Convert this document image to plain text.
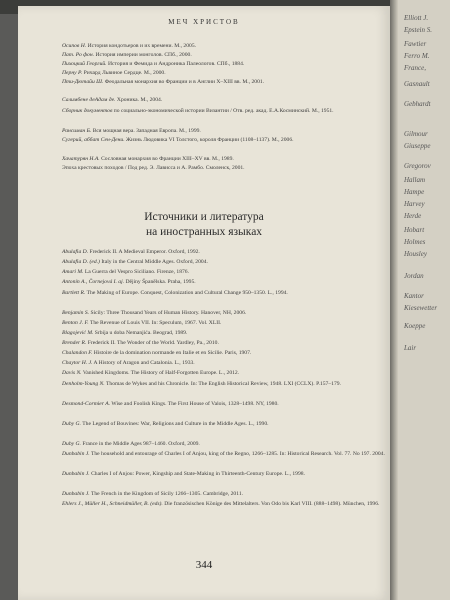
МЕЧ ХРИСТОВ
Осипов Н. История кондотьеров и их времени. М., 2005.
Пат. Ро фон. История империи монголов. СПб., 2000.
Пихоцкий Георгий. История и Фемида и Андроника Палеологов. СПб., 1884.
Перну Р. Ричард Львиное Сердце. М., 2000.
Пти-Дютайи Ш. Феодальная монархия во Франции и в Англии X–XIII вв. М., 2001.
Салимбене деАдам де. Хроника. М., 2004.
Сборник документов по социально-экономической истории Византии / Отв. ред. акад. Е.А.Косминский. М., 1951.
Рансиман Б. Вся мощная вера. Западная Европа. М., 1999.
Сугерий, аббат Сен-Дени. Жизнь Людовика VI Толстого, короля Франции (1108–1137). М., 2006.
Хачатурян Н.А. Сословная монархия во Франции XIII–XV вв. М., 1989.
Эпоха крестовых походов / Под ред. Э. Лависса и А. Рамбо. Смоленск, 2001.
Источники и литература
на иностранных языках
Abulafia D. Frederick II. A Medieval Emperor. Oxford, 1992.
Abulafia D. (ed.) Italy in the Central Middle Ages. Oxford, 2004.
Amari M. La Guerra del Vespro Siciliano. Firenze, 1876.
Antonín A., Čornejová I. aj. Dějiny Španělska. Praha, 1995.
Bartlett R. The Making of Europe. Conquest, Colonization and Cultural Change 950–1350. L., 1994.
Benjamin S. Sicily: Three Thousand Years of Human History. Hanover, NH, 2006.
Benton J. F. The Revenue of Louis VII. In: Speculum, 1967. Vol. XLII.
Blagojević M. Srbija u doba Nemanjića. Beograd, 1989.
Brender R. Frederick II. The Wonder of the World. Yardley, Pa., 2010.
Chalandon F. Histoire de la domination normande en Italie et en Sicilie. Paris, 1907.
Chaytor H. J. A History of Aragon and Catalonia. L., 1933.
Davis N. Vanished Kingdoms. The History of Half-Forgotten Europe. L., 2012.
Denholm-Young N. Thomas de Wykes and his Chronicle. In: The English Historical Review, 1948. LXI (CCLX). P.157–179.
Desmond-Cormier A. Wise and Foolish Kings. The First House of Valois, 1328–1498. NY, 1980.
Duby G. The Legend of Bouvines: War, Religions and Culture in the Middle Ages. L., 1990.
Duby G. France in the Middle Ages 987–1460. Oxford, 2009.
Dunbabin J. The household and entourage of Charles I of Anjou, king of the Regno, 1266–1285. In: Historical Research. Vol. 77. No 197. 2004.
Dunbabin J. Charles I of Anjou: Power, Kingship and State-Making in Thirteenth-Century Europe. L., 1998.
Dunbabin J. The French in the Kingdom of Sicily 1266–1305. Cambridge, 2011.
Ehlers J., Müller H., Schneidmüller, B. (eds). Die französischen Könige des Mittelalters. Von Odo bis Karl VIII. (888–1498). München, 1996.
344
Elliott J.
Epstein S.
Fawtier
Ferro M.
France,
Gasnault
Gebhardt
Gilmour
Giuseppe
Gregorov
Hallam
Hampe
Harvey
Herde
Hobart
Holmes
Housley
Jordan
Kantor
Kiesewetter
Koeppe
Lair
